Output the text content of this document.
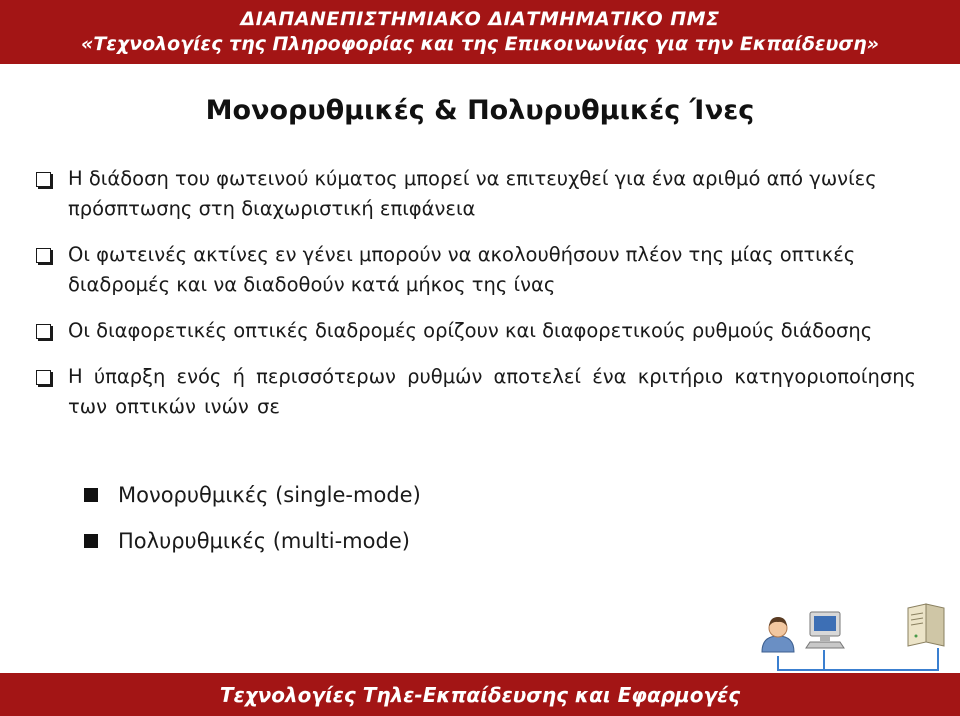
ΔΙΑΠΑΝΕΠΙΣΤΗΜΙΑΚΟ ΔΙΑΤΜΗΜΑΤΙΚΟ ΠΜΣ
«Τεχνολογίες της Πληροφορίας και της Επικοινωνίας για την Εκπαίδευση»
Μονορυθμικές & Πολυρυθμικές Ίνες
Η διάδοση του φωτεινού κύματος μπορεί να επιτευχθεί για ένα αριθμό από γωνίες πρόσπτωσης στη διαχωριστική επιφάνεια
Οι φωτεινές ακτίνες εν γένει μπορούν να ακολουθήσουν πλέον της μίας οπτικές διαδρομές και να διαδοθούν κατά μήκος της ίνας
Οι διαφορετικές οπτικές διαδρομές ορίζουν και διαφορετικούς ρυθμούς διάδοσης
Η ύπαρξη ενός ή περισσότερων ρυθμών αποτελεί ένα κριτήριο κατηγοριοποίησης των οπτικών ινών σε
Μονορυθμικές (single-mode)
Πολυρυθμικές (multi-mode)
Τεχνολογίες Τηλε-Εκπαίδευσης και Εφαρμογές
